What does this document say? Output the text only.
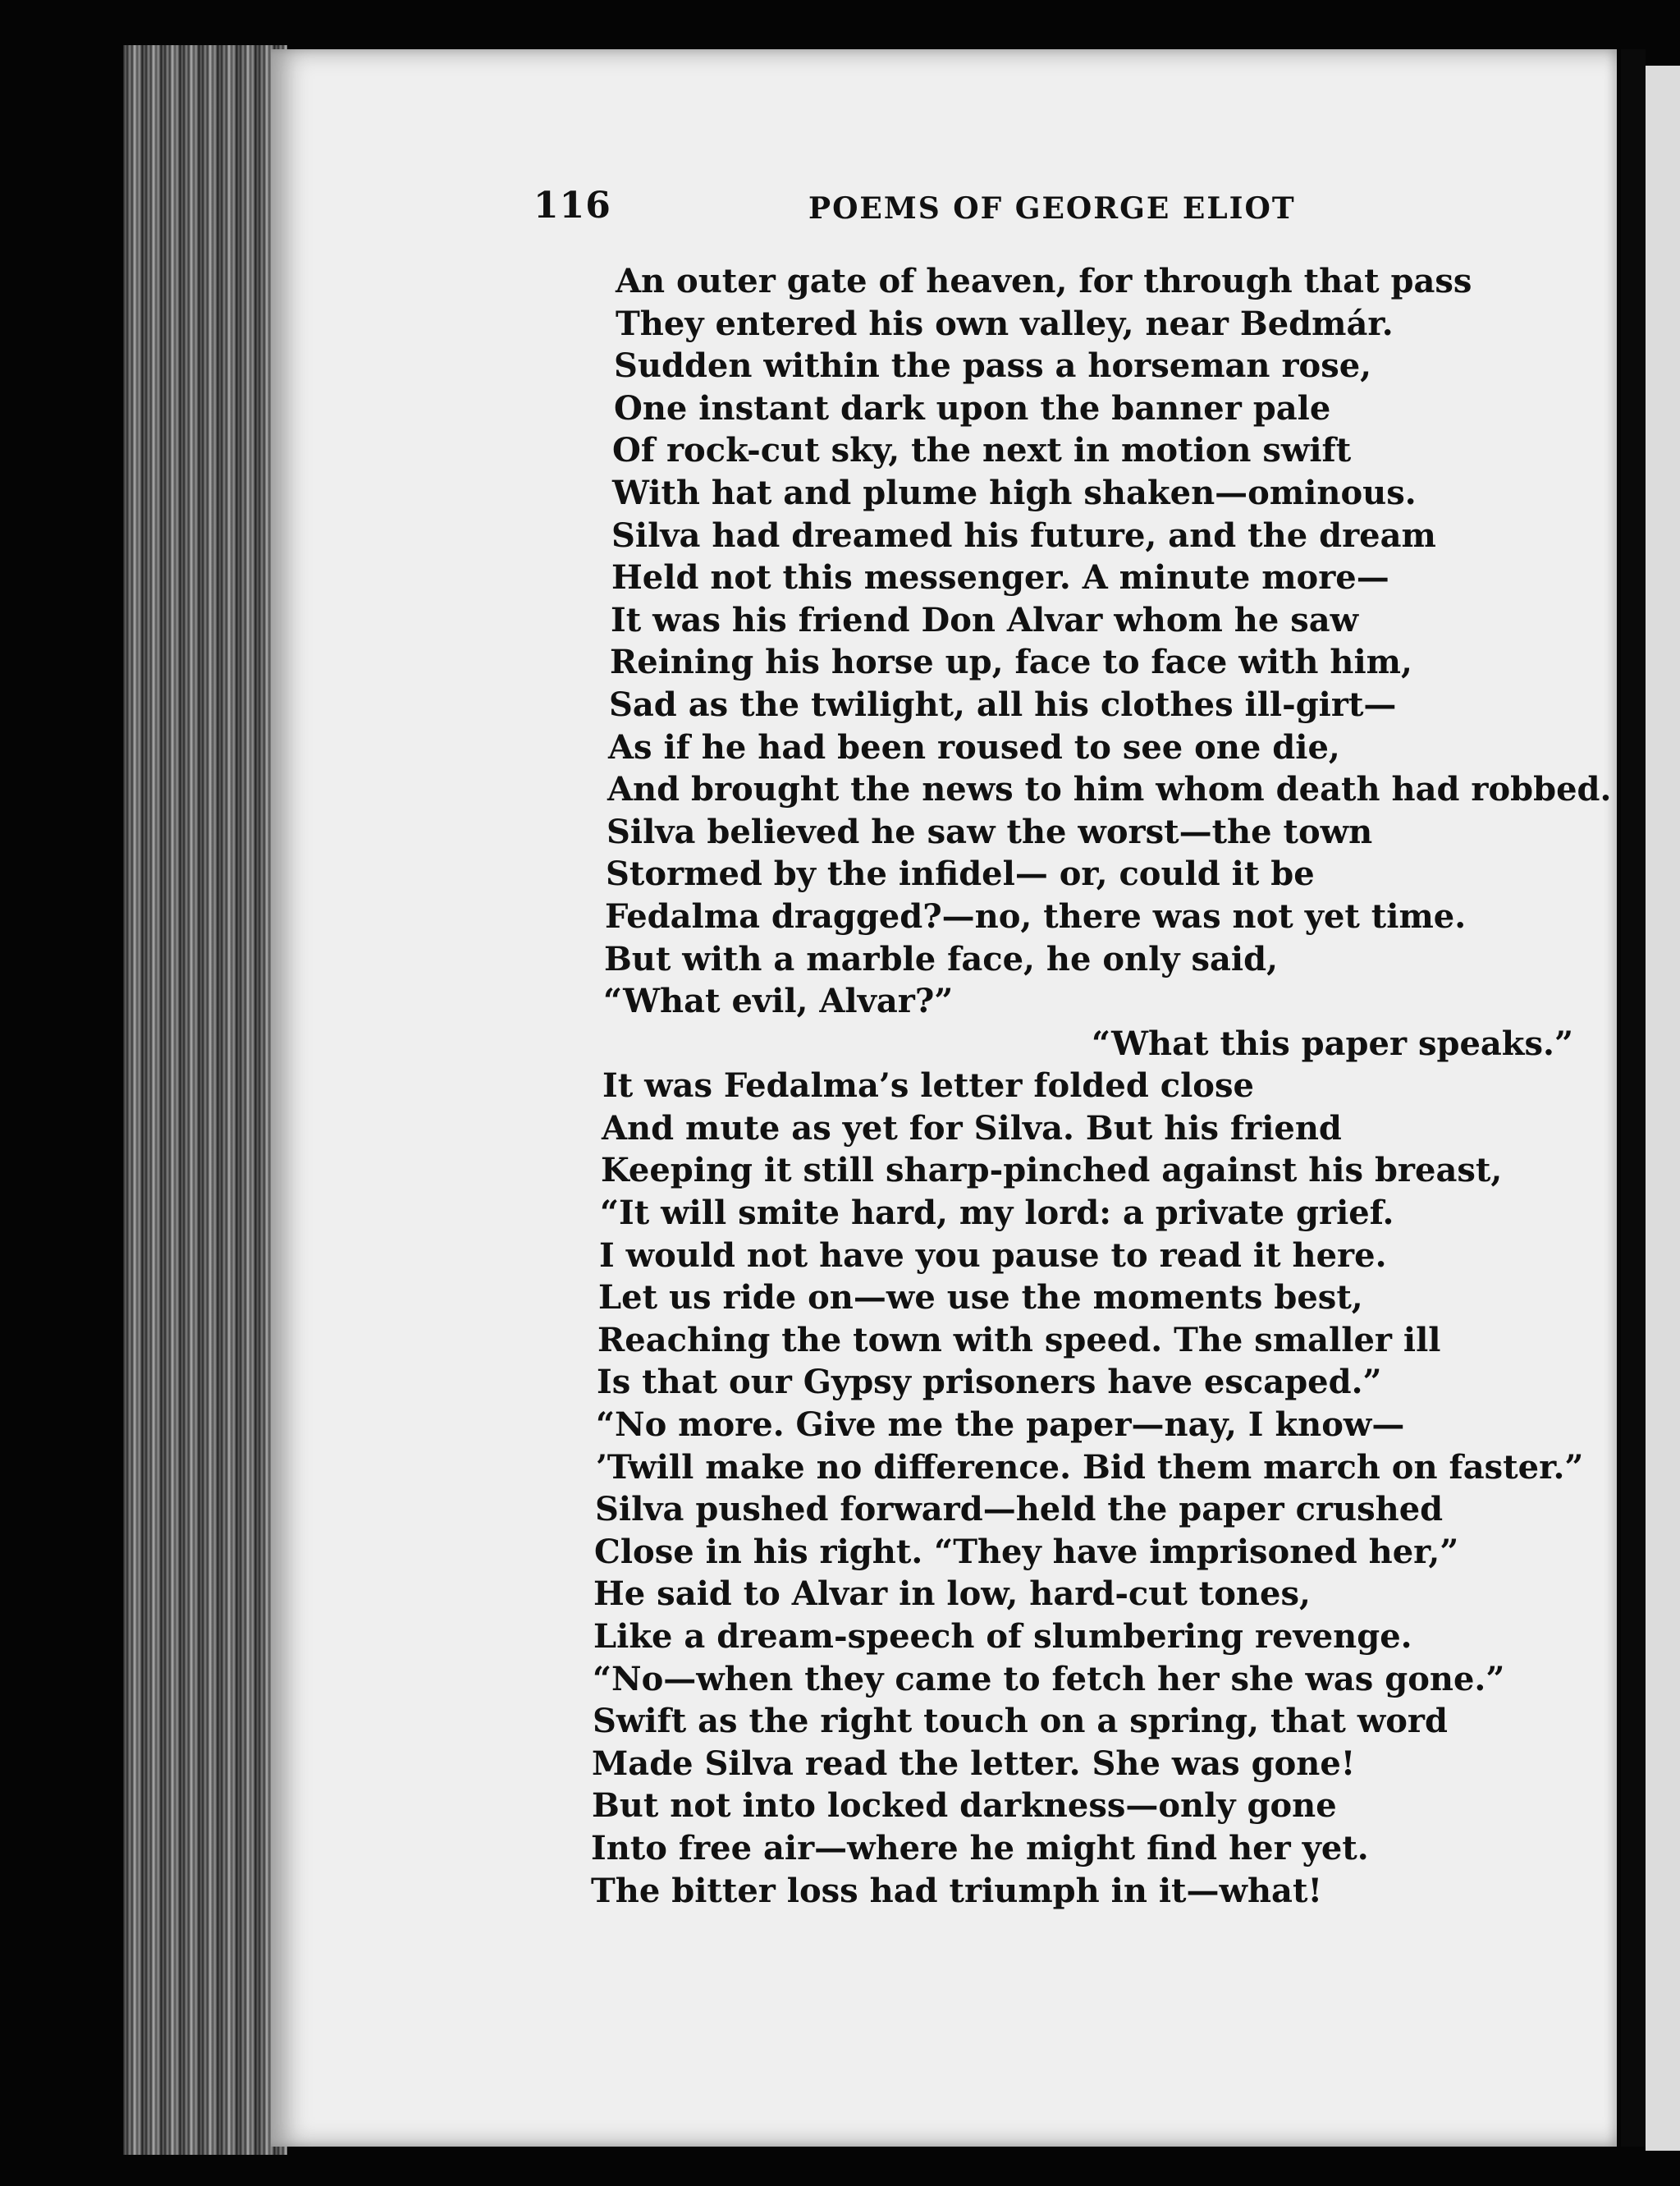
116	POEMS OF GEORGE ELIOT
An outer gate of heaven, for through that pass
They entered his own valley, near Bedmár.
Sudden within the pass a horseman rose,
One instant dark upon the banner pale
Of rock-cut sky, the next in motion swift
With hat and plume high shaken—ominous.
Silva had dreamed his future, and the dream
Held not this messenger. A minute more—
It was his friend Don Alvar whom he saw
Reining his horse up, face to face with him,
Sad as the twilight, all his clothes ill-girt—
As if he had been roused to see one die,
And brought the news to him whom death had robbed.
Silva believed he saw the worst—the town
Stormed by the infidel— or, could it be
Fedalma dragged?—no, there was not yet time.
But with a marble face, he only said,
“What evil, Alvar?”
“What this paper speaks.”
It was Fedalma’s letter folded close
And mute as yet for Silva. But his friend
Keeping it still sharp-pinched against his breast,
“It will smite hard, my lord: a private grief.
I would not have you pause to read it here.
Let us ride on—we use the moments best,
Reaching the town with speed. The smaller ill
Is that our Gypsy prisoners have escaped.”
“No more. Give me the paper—nay, I know—
’Twill make no difference. Bid them march on faster.”
Silva pushed forward—held the paper crushed
Close in his right. “They have imprisoned her,”
He said to Alvar in low, hard-cut tones,
Like a dream-speech of slumbering revenge.
“No—when they came to fetch her she was gone.”
Swift as the right touch on a spring, that word
Made Silva read the letter. She was gone!
But not into locked darkness—only gone
Into free air—where he might find her yet.
The bitter loss had triumph in it—what!
